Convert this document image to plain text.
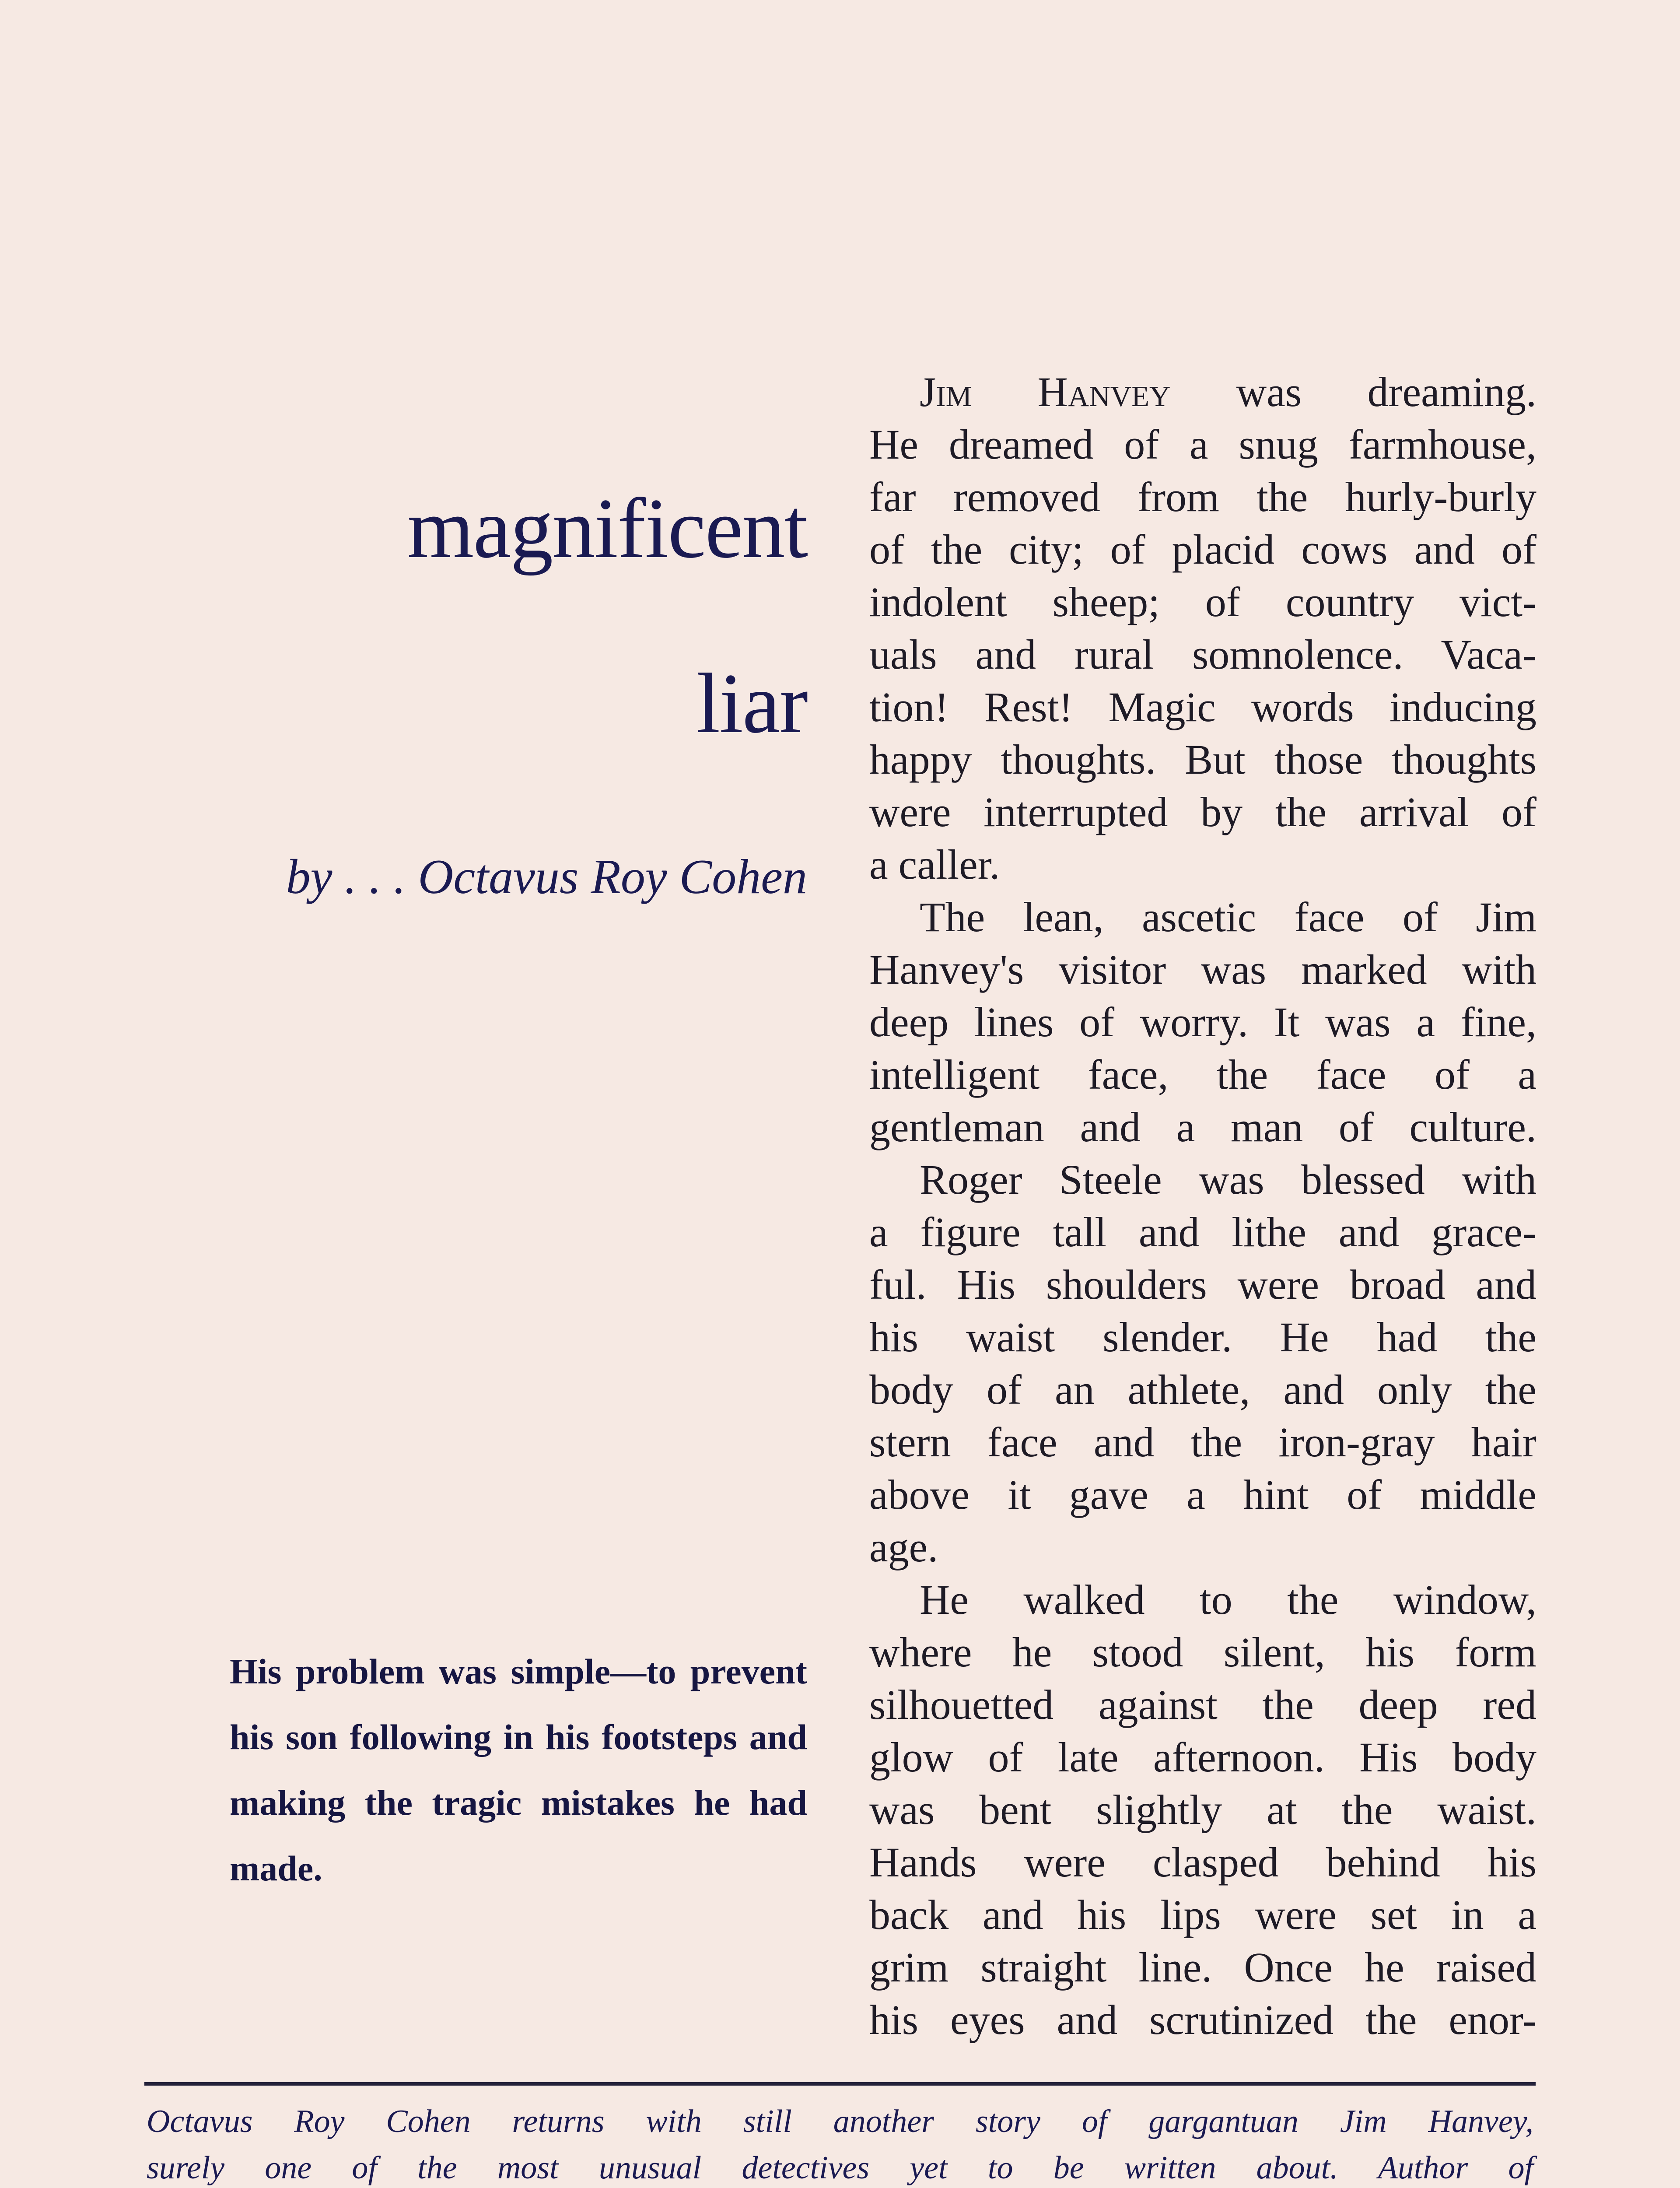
magnificent
liar

by . . . Octavus Roy Cohen

His problem was simple—to prevent his son following in his footsteps and making the tragic mistakes he had made.

Jim Hanvey was dreaming.
He dreamed of a snug farmhouse,
far removed from the hurly-burly
of the city; of placid cows and of
indolent sheep; of country vict-
uals and rural somnolence. Vaca-
tion! Rest! Magic words inducing
happy thoughts. But those thoughts
were interrupted by the arrival of
a caller.

The lean, ascetic face of Jim
Hanvey's visitor was marked with
deep lines of worry. It was a fine,
intelligent face, the face of a
gentleman and a man of culture.

Roger Steele was blessed with
a figure tall and lithe and grace-
ful. His shoulders were broad and
his waist slender. He had the
body of an athlete, and only the
stern face and the iron-gray hair
above it gave a hint of middle
age.

He walked to the window,
where he stood silent, his form
silhouetted against the deep red
glow of late afternoon. His body
was bent slightly at the waist.
Hands were clasped behind his
back and his lips were set in a
grim straight line. Once he raised
his eyes and scrutinized the enor-

Octavus Roy Cohen returns with still another story of gargantuan Jim Hanvey,
surely one of the most unusual detectives yet to be written about. Author of
